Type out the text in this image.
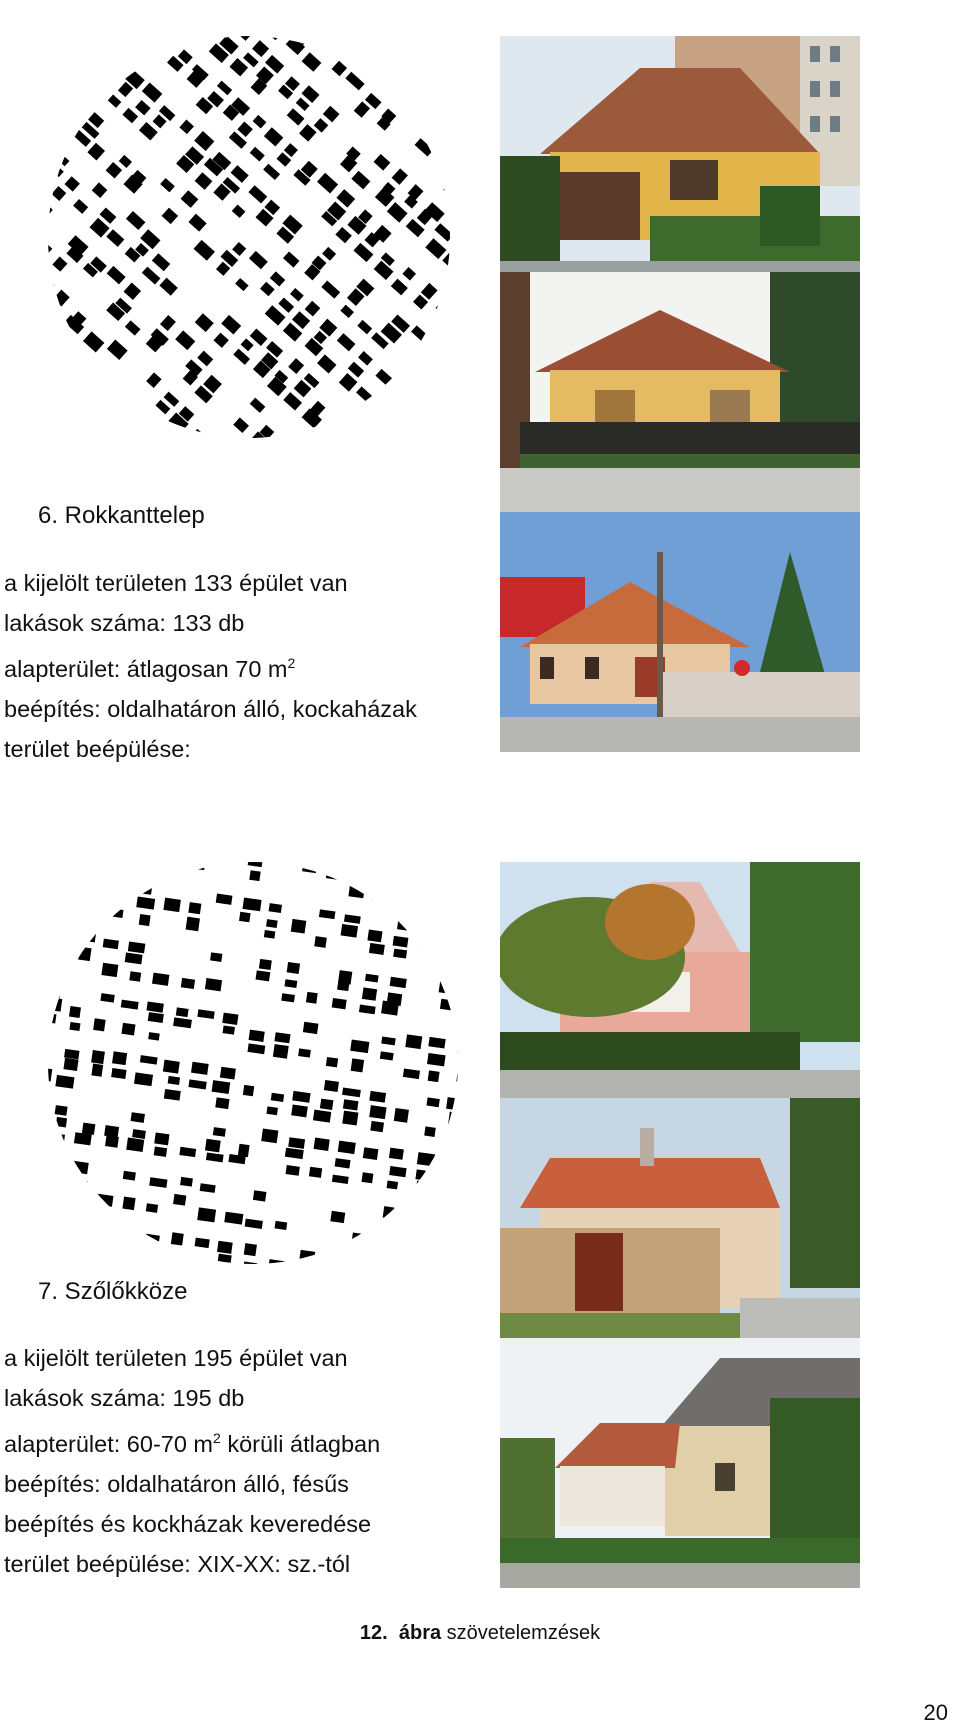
6. Rokkanttelep
a kijelölt területen 133 épület van
lakások száma: 133 db
alapterület: átlagosan 70 $m^2$
beépítés: oldalhatáron álló, kockaházak
terület beépülése:
7. Szőlőkköze
a kijelölt területen 195 épület van
lakások száma: 195 db
alapterület: 60-70 $m^2$ körüli átlagban
beépítés: oldalhatáron álló, fésűs
beépítés és kockházak keveredése
terület beépülése: XIX-XX: sz.-tól
12. ábra szövetelemzések
20
